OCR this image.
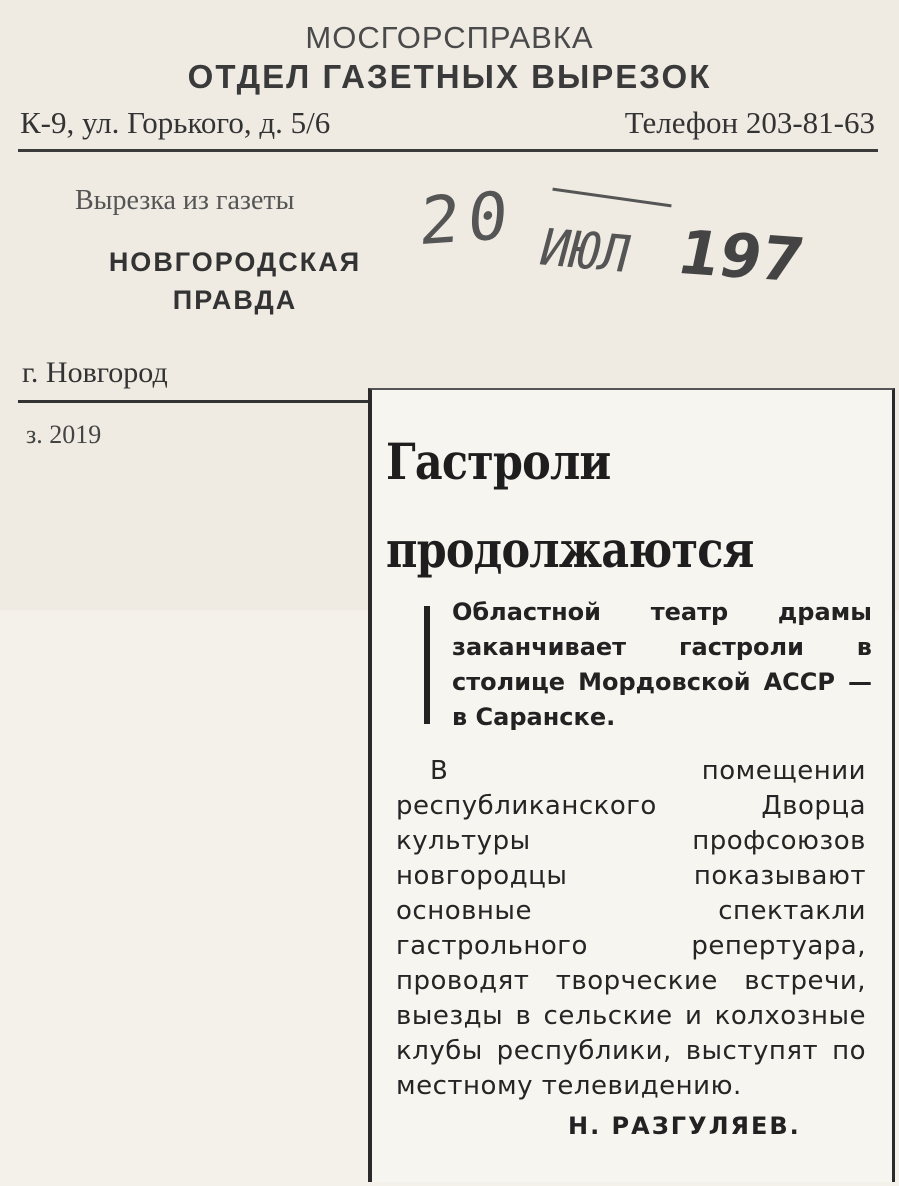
МОСГОРСПРАВКА
ОТДЕЛ ГАЗЕТНЫХ ВЫРЕЗОК
К-9, ул. Горького, д. 5/6	Телефон 203-81-63
Вырезка из газеты
НОВГОРОДСКАЯ
ПРАВДА
г. Новгород
з. 2019
20 ИЮЛ 197
Гастроли
продолжаются
Областной театр драмы заканчивает гастроли в столице Мордовской АССР — в Саранске.
В помещении республиканского Дворца культуры профсоюзов новгородцы показывают основные спектакли гастрольного репертуара, проводят творческие встречи, выезды в сельские и колхозные клубы республики, выступят по местному телевидению.
Н. РАЗГУЛЯЕВ.
